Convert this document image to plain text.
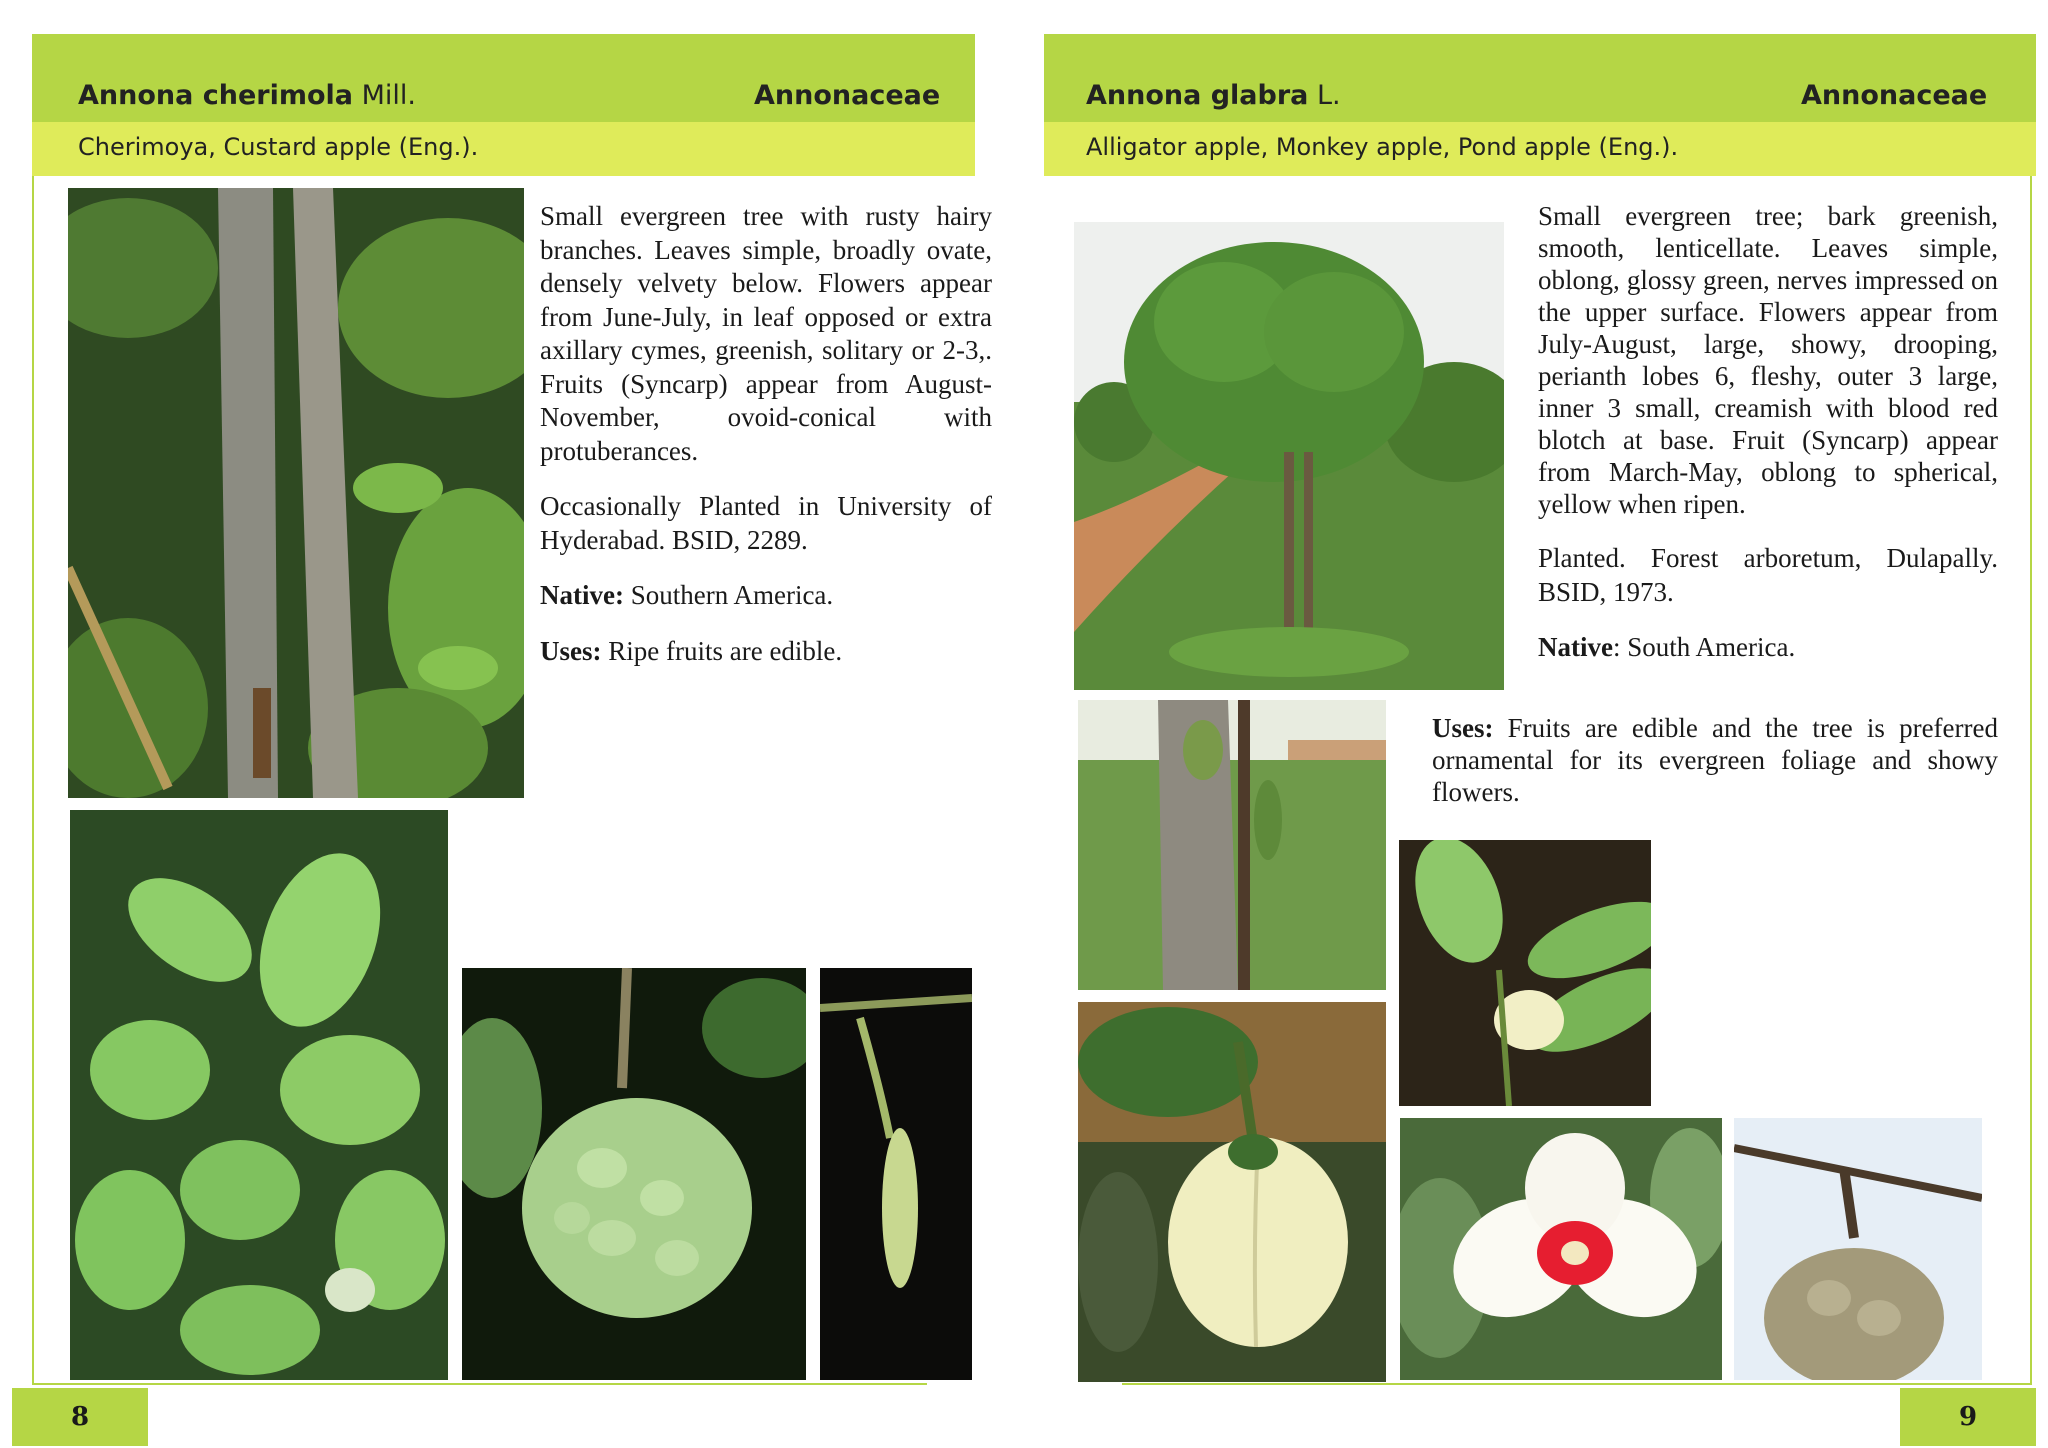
Annona cherimola Mill.	Annonaceae
Cherimoya, Custard apple (Eng.).

Small evergreen tree with rusty hairy branches. Leaves simple, broadly ovate, densely velvety below. Flowers appear from June-July, in leaf opposed or extra axillary cymes, greenish, solitary or 2-3,. Fruits (Syncarp) appear from August-November, ovoid-conical with protuberances.

Occasionally Planted in University of Hyderabad. BSID, 2289.

Native: Southern America.

Uses: Ripe fruits are edible.

8
Annona glabra L.	Annonaceae
Alligator apple, Monkey apple, Pond apple (Eng.).

Small evergreen tree; bark greenish, smooth, lenticellate. Leaves simple, oblong, glossy green, nerves impressed on the upper surface. Flowers appear from July-August, large, showy, drooping, perianth lobes 6, fleshy, outer 3 large, inner 3 small, creamish with blood red blotch at base. Fruit (Syncarp) appear from March-May, oblong to spherical, yellow when ripen.

Planted. Forest arboretum, Dulapally. BSID, 1973.

Native: South America.

Uses: Fruits are edible and the tree is preferred ornamental for its evergreen foliage and showy flowers.

9
